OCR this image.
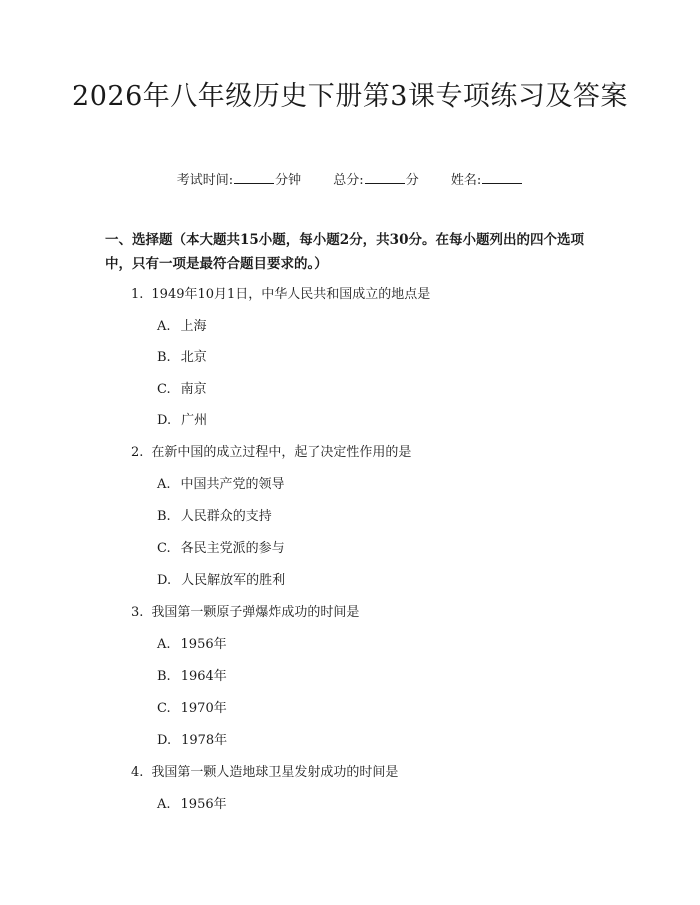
2026年八年级历史下册第3课专项练习及答案
考试时间:	分钟 总分:	分 姓名:

一、选择题（本大题共15小题，每小题2分，共30分。在每小题列出的四个选项中，只有一项是最符合题目要求的。）

1. 1949年10月1日，中华人民共和国成立的地点是
A. 上海
B. 北京
C. 南京
D. 广州
2. 在新中国的成立过程中，起了决定性作用的是
A. 中国共产党的领导
B. 人民群众的支持
C. 各民主党派的参与
D. 人民解放军的胜利
3. 我国第一颗原子弹爆炸成功的时间是
A. 1956年
B. 1964年
C. 1970年
D. 1978年
4. 我国第一颗人造地球卫星发射成功的时间是
A. 1956年
